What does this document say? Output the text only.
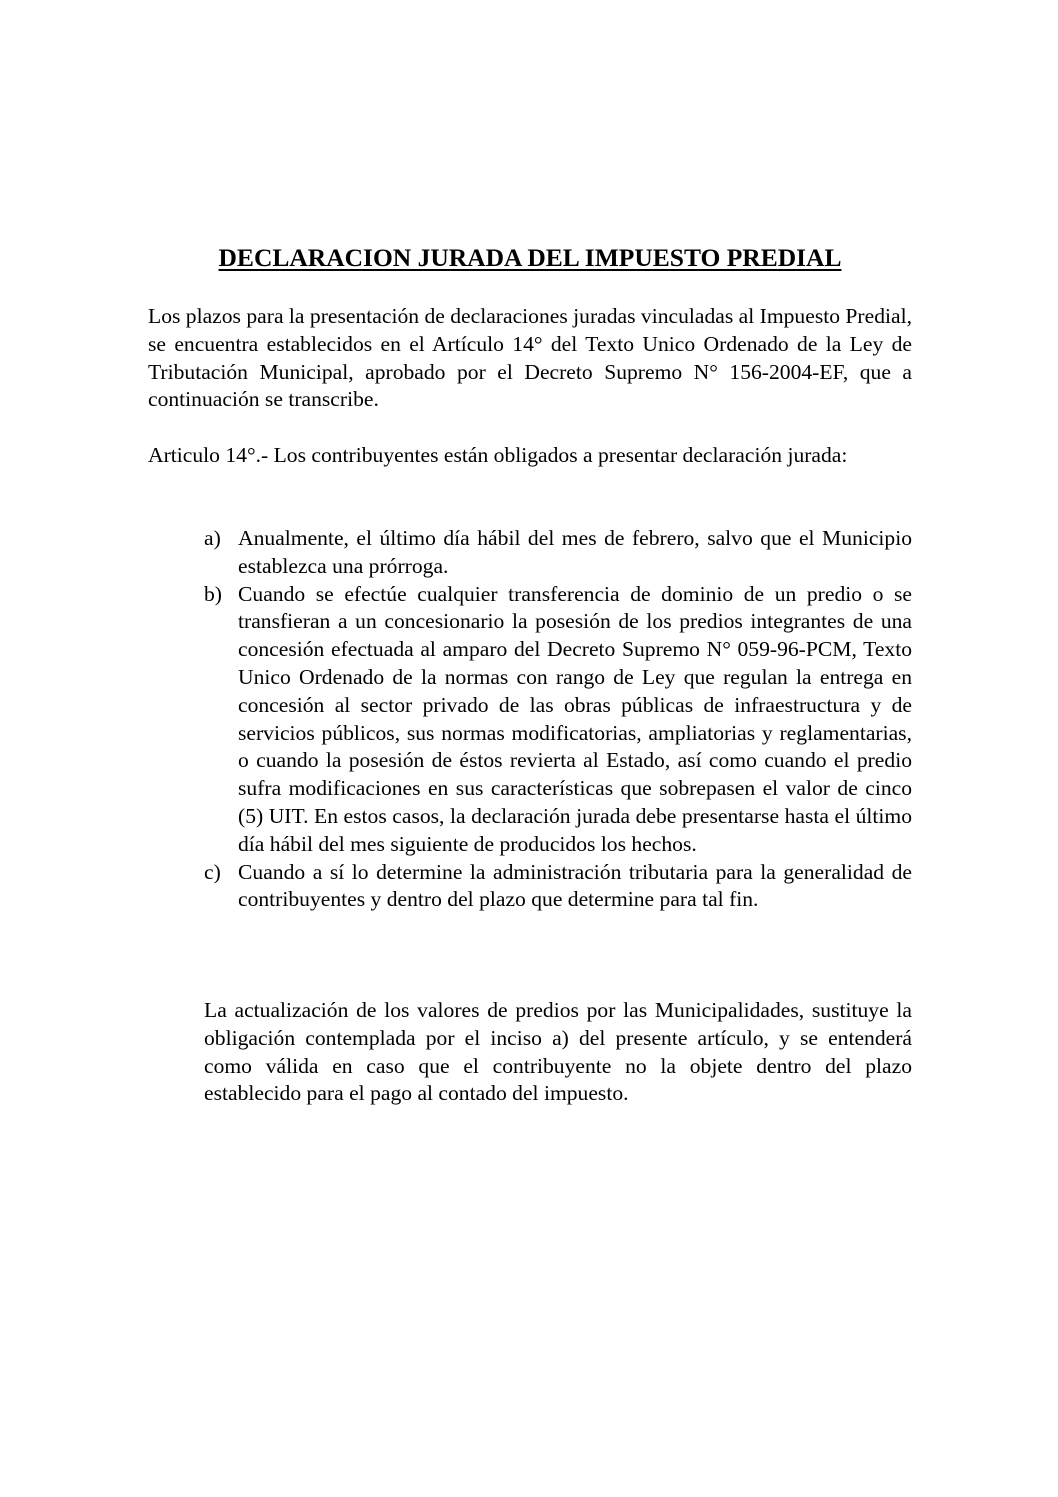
DECLARACION JURADA DEL IMPUESTO PREDIAL

Los plazos para la presentación de declaraciones juradas vinculadas al Impuesto Predial, se encuentra establecidos en el Artículo 14° del Texto Unico Ordenado de la Ley de Tributación Municipal, aprobado por el Decreto Supremo N° 156-2004-EF, que a continuación se transcribe.

Articulo 14°.- Los contribuyentes están obligados a presentar declaración jurada:

a) Anualmente, el último día hábil del mes de febrero, salvo que el Municipio establezca una prórroga.
b) Cuando se efectúe cualquier transferencia de dominio de un predio o se transfieran a un concesionario la posesión de los predios integrantes de una concesión efectuada al amparo del Decreto Supremo N° 059-96-PCM, Texto Unico Ordenado de la normas con rango de Ley que regulan la entrega en concesión al sector privado de las obras públicas de infraestructura y de servicios públicos, sus normas modificatorias, ampliatorias y reglamentarias, o cuando la posesión de éstos revierta al Estado, así como cuando el predio sufra modificaciones en sus características que sobrepasen el valor de cinco (5) UIT. En estos casos, la declaración jurada debe presentarse hasta el último día hábil del mes siguiente de producidos los hechos.
c) Cuando a sí lo determine la administración tributaria para la generalidad de contribuyentes y dentro del plazo que determine para tal fin.

La actualización de los valores de predios por las Municipalidades, sustituye la obligación contemplada por el inciso a) del presente artículo, y se entenderá como válida en caso que el contribuyente no la objete dentro del plazo establecido para el pago al contado del impuesto.
